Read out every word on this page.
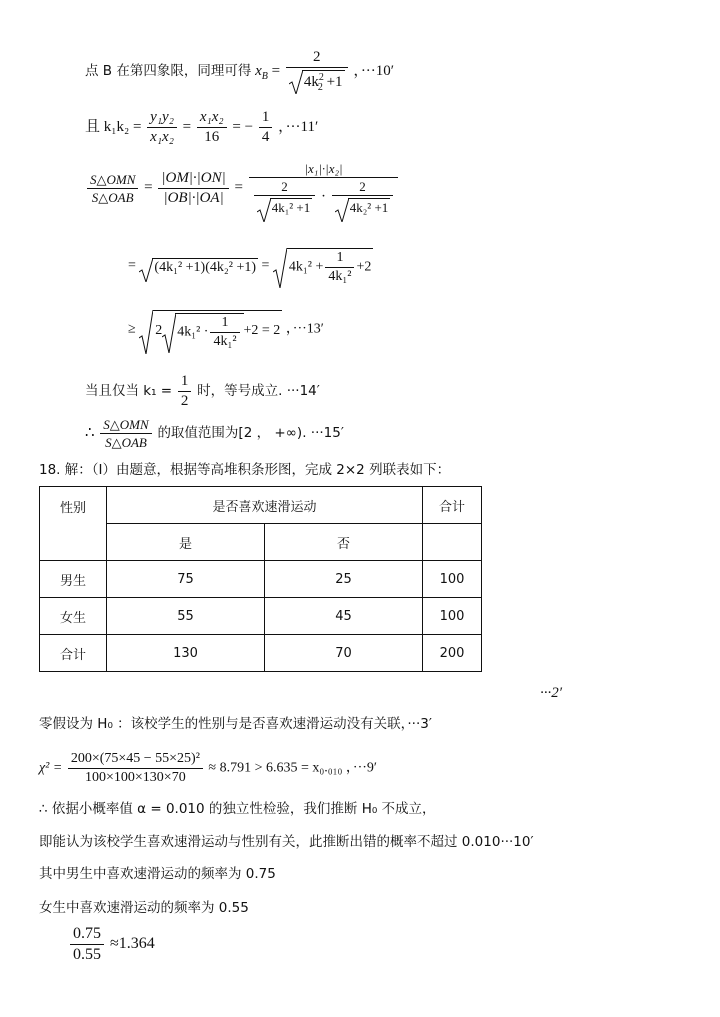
点 B 在第四象限，同理可得 $x_B = \frac{2}{4k^2_2 +1}$ ，···10′
且 $k_1k_2 = \frac{\text{y₁y₂}}{\text{x₁x₂}} = \frac{\text{x₁x₂}}{16}$ = − $\frac{1}{4}$ ，···11′
$\frac{\text{S△OMN}}{\text{S△OAB}} = \frac{|OM|\cdot|ON|}{|OB|\cdot|OA|} = \frac{\text{|x₁|·|x₂|}}{\frac{2}{\text{4k₁² +1}} \cdot \frac{2}{\text{4k₂² +1}}}$
= $(4k_1^2 +1)(4k_2^2 +1) = 4k_1^2 + \frac{1}{\text{4k₁²}} +2$
≥ 2 $4k_1^2 \cdot \frac{1}{\text{4k₁²}} +2 = 2$ ，···13′
当且仅当 $k_1 = \frac{1}{2}$ 时，等号成立. ···14′
∴ $\frac{\text{S△OMN}}{\text{S△OAB}}$ 的取值范围为[2 ， +∞). ···15′
18. 解：（Ⅰ）由题意，根据等高堆积条形图，完成 2×2 列联表如下：
性别	是否喜欢速滑运动		合计
	是	否	
男生	75	25	100
女生	55	45	100
合计	130	70	200
···2′
零假设为 H₀ ：该校学生的性别与是否喜欢速滑运动没有关联，···3′
$\chi^2 = \frac{\text{200×(75×45 − 55×25)²}}{100\times 100\times 130\times 70} \approx 8.791 > 6.635 = x_0._{010}$ ，···9′
∴ 依据小概率值 α = 0.010 的独立性检验，我们推断 H₀ 不成立，
即能认为该校学生喜欢速滑运动与性别有关，此推断出错的概率不超过 0.010···10′
其中男生中喜欢速滑运动的频率为 0.75
女生中喜欢速滑运动的频率为 0.55
$\frac{0.75}{0.55} \approx 1.364$
